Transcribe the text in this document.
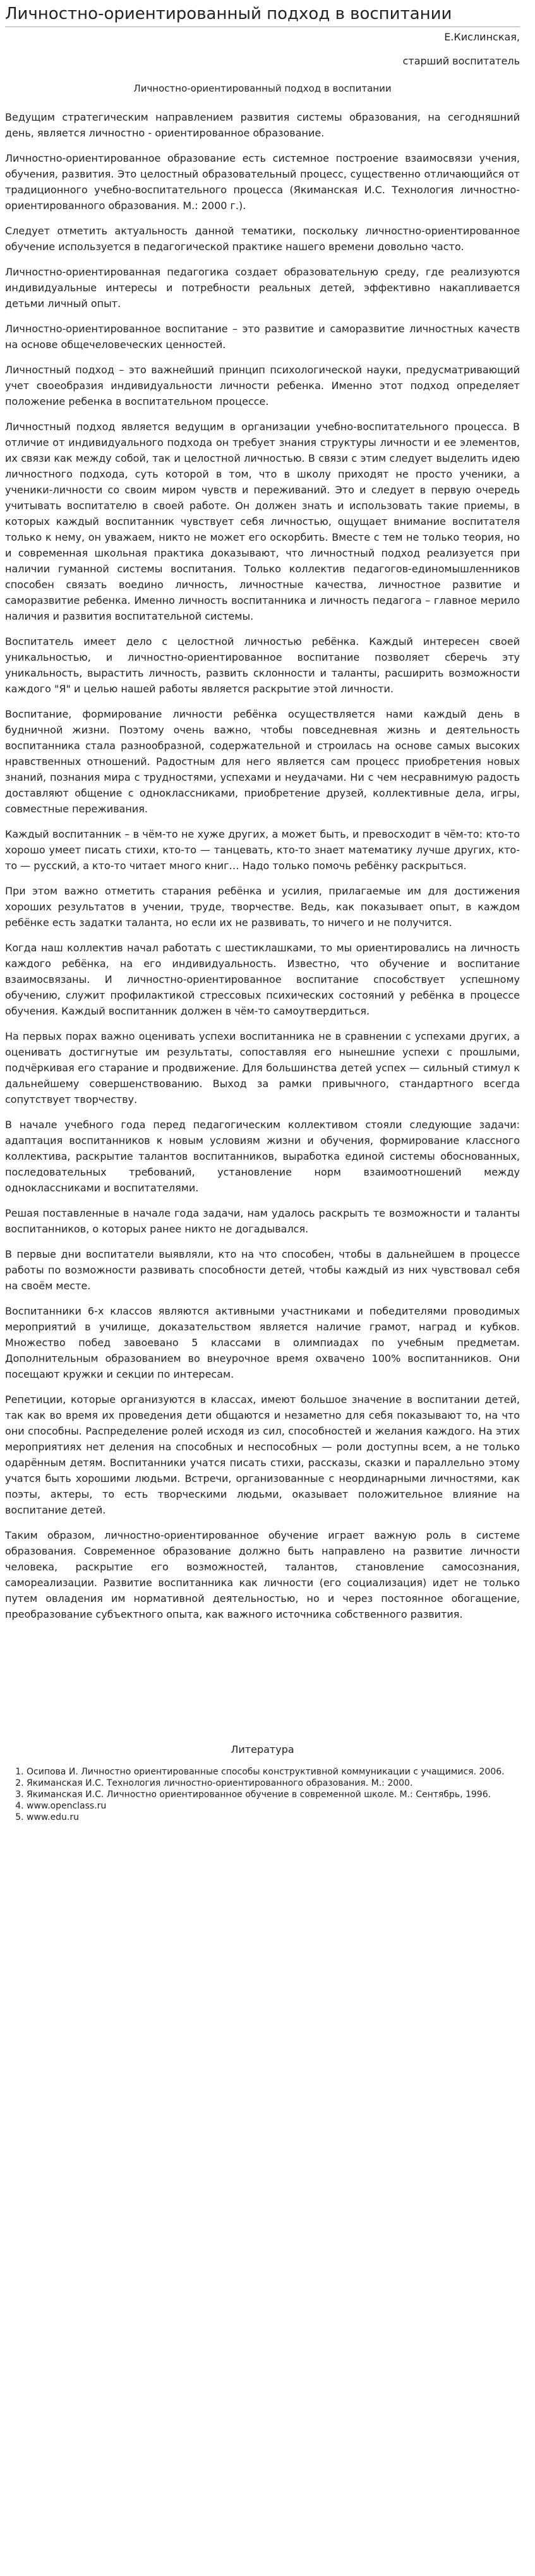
Личностно-ориентированный подход в воспитании
Е.Кислинская,
старший воспитатель
Личностно-ориентированный подход в воспитании

Ведущим стратегическим направлением развития системы образования, на сегодняшний день, является личностно - ориентированное образование.

Личностно-ориентированное образование есть системное построение взаимосвязи учения, обучения, развития. Это целостный образовательный процесс, существенно отличающийся от традиционного учебно-воспитательного процесса (Якиманская И.С. Технология личностно-ориентированного образования. М.: 2000 г.).

Следует отметить актуальность данной тематики, поскольку личностно-ориентированное обучение используется в педагогической практике нашего времени довольно часто.

Личностно-ориентированная педагогика создает образовательную среду, где реализуются индивидуальные интересы и потребности реальных детей, эффективно накапливается детьми личный опыт.

Личностно-ориентированное воспитание – это развитие и саморазвитие личностных качеств на основе общечеловеческих ценностей.

Личностный подход – это важнейший принцип психологической науки, предусматривающий учет своеобразия индивидуальности личности ребенка. Именно этот подход определяет положение ребенка в воспитательном процессе.

Личностный подход является ведущим в организации учебно-воспитательного процесса. В отличие от индивидуального подхода он требует знания структуры личности и ее элементов, их связи как между собой, так и целостной личностью. В связи с этим следует выделить идею личностного подхода, суть которой в том, что в школу приходят не просто ученики, а ученики-личности со своим миром чувств и переживаний. Это и следует в первую очередь учитывать воспитателю в своей работе. Он должен знать и использовать такие приемы, в которых каждый воспитанник чувствует себя личностью, ощущает внимание воспитателя только к нему, он уважаем, никто не может его оскорбить. Вместе с тем не только теория, но и современная школьная практика доказывают, что личностный подход реализуется при наличии гуманной системы воспитания. Только коллектив педагогов-единомышленников способен связать воедино личность, личностные качества, личностное развитие и саморазвитие ребенка. Именно личность воспитанника и личность педагога – главное мерило наличия и развития воспитательной системы.

Воспитатель имеет дело с целостной личностью ребёнка. Каждый интересен своей уникальностью, и личностно-ориентированное воспитание позволяет сберечь эту уникальность, вырастить личность, развить склонности и таланты, расширить возможности каждого "Я" и целью нашей работы является раскрытие этой личности.

Воспитание, формирование личности ребёнка осуществляется нами каждый день в будничной жизни. Поэтому очень важно, чтобы повседневная жизнь и деятельность воспитанника стала разнообразной, содержательной и строилась на основе самых высоких нравственных отношений. Радостным для него является сам процесс приобретения новых знаний, познания мира с трудностями, успехами и неудачами. Ни с чем несравнимую радость доставляют общение с одноклассниками, приобретение друзей, коллективные дела, игры, совместные переживания.

Каждый воспитанник – в чём-то не хуже других, а может быть, и превосходит в чём-то: кто-то хорошо умеет писать стихи, кто-то — танцевать, кто-то знает математику лучше других, кто-то — русский, а кто-то читает много книг… Надо только помочь ребёнку раскрыться.

При этом важно отметить старания ребёнка и усилия, прилагаемые им для достижения хороших результатов в учении, труде, творчестве. Ведь, как показывает опыт, в каждом ребёнке есть задатки таланта, но если их не развивать, то ничего и не получится.

Когда наш коллектив начал работать с шестиклашками, то мы ориентировались на личность каждого ребёнка, на его индивидуальность. Известно, что обучение и воспитание взаимосвязаны. И личностно-ориентированное воспитание способствует успешному обучению, служит профилактикой стрессовых психических состояний у ребёнка в процессе обучения. Каждый воспитанник должен в чём-то самоутвердиться.

На первых порах важно оценивать успехи воспитанника не в сравнении с успехами других, а оценивать достигнутые им результаты, сопоставляя его нынешние успехи с прошлыми, подчёркивая его старание и продвижение. Для большинства детей успех — сильный стимул к дальнейшему совершенствованию. Выход за рамки привычного, стандартного всегда сопутствует творчеству.

В начале учебного года перед педагогическим коллективом стояли следующие задачи: адаптация воспитанников к новым условиям жизни и обучения, формирование классного коллектива, раскрытие талантов воспитанников, выработка единой системы обоснованных, последовательных требований, установление норм взаимоотношений между одноклассниками и воспитателями.

Решая поставленные в начале года задачи, нам удалось раскрыть те возможности и таланты воспитанников, о которых ранее никто не догадывался.

В первые дни воспитатели выявляли, кто на что способен, чтобы в дальнейшем в процессе работы по возможности развивать способности детей, чтобы каждый из них чувствовал себя на своём месте.

Воспитанники 6-х классов являются активными участниками и победителями проводимых мероприятий в училище, доказательством является наличие грамот, наград и кубков. Множество побед завоевано 5 классами в олимпиадах по учебным предметам. Дополнительным образованием во внеурочное время охвачено 100% воспитанников. Они посещают кружки и секции по интересам.

Репетиции, которые организуются в классах, имеют большое значение в воспитании детей, так как во время их проведения дети общаются и незаметно для себя показывают то, на что они способны. Распределение ролей исходя из сил, способностей и желания каждого. На этих мероприятиях нет деления на способных и неспособных — роли доступны всем, а не только одарённым детям. Воспитанники учатся писать стихи, рассказы, сказки и параллельно этому учатся быть хорошими людьми. Встречи, организованные с неординарными личностями, как поэты, актеры, то есть творческими людьми, оказывает положительное влияние на воспитание детей.

Таким образом, личностно-ориентированное обучение играет важную роль в системе образования. Современное образование должно быть направлено на развитие личности человека, раскрытие его возможностей, талантов, становление самосознания, самореализации. Развитие воспитанника как личности (его социализация) идет не только путем овладения им нормативной деятельностью, но и через постоянное обогащение, преобразование субъектного опыта, как важного источника собственного развития.

Литература
1. Осипова И. Личностно ориентированные способы конструктивной коммуникации с учащимися. 2006.
2. Якиманская И.С. Технология личностно-ориентированного образования. М.: 2000.
3. Якиманская И.С. Личностно ориентированное обучение в современной школе. М.: Сентябрь, 1996.
4. www.openclass.ru
5. www.edu.ru
